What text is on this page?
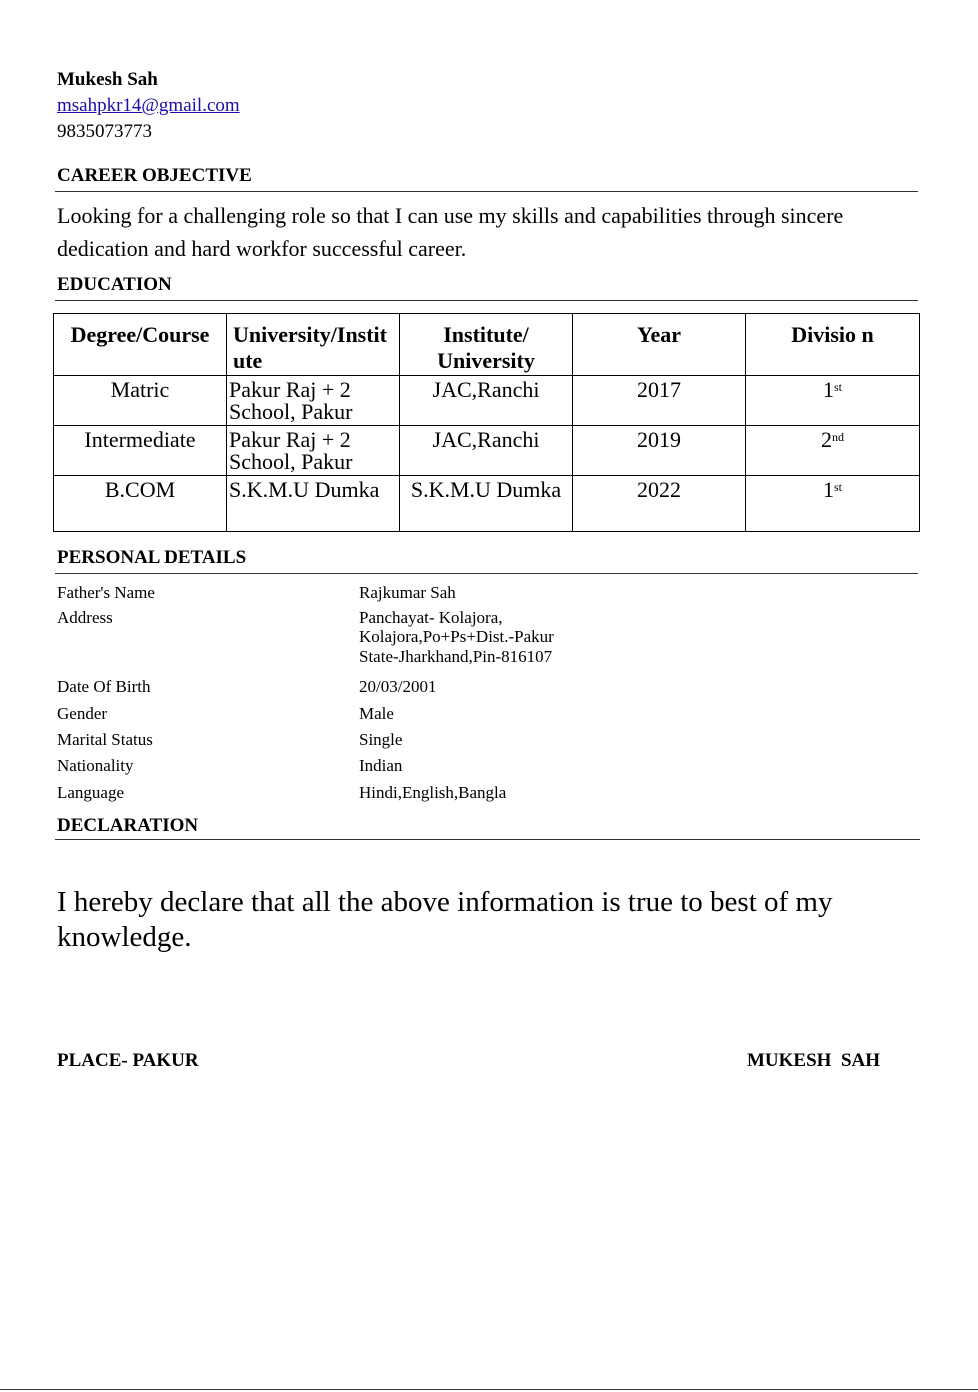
Mukesh Sah
msahpkr14@gmail.com
9835073773
CAREER OBJECTIVE
Looking for a challenging role so that I can use my skills and capabilities through sincere dedication and hard workfor successful career.
EDUCATION
Degree/Course	University/Instit ute	Institute/ University	Year	Divisio n
Matric	Pakur Raj + 2 School, Pakur	JAC,Ranchi	2017	1st
Intermediate	Pakur Raj + 2 School, Pakur	JAC,Ranchi	2019	2nd
B.COM	S.K.M.U Dumka	S.K.M.U Dumka	2022	1st
PERSONAL DETAILS
Father's Name	Rajkumar Sah
Address	Panchayat- Kolajora,
Kolajora,Po+Ps+Dist.-Pakur
State-Jharkhand,Pin-816107
Date Of Birth	20/03/2001
Gender	Male
Marital Status	Single
Nationality	Indian
Language	Hindi,English,Bangla
DECLARATION
I hereby declare that all the above information is true to best of my knowledge.
PLACE- PAKUR	MUKESH  SAH
